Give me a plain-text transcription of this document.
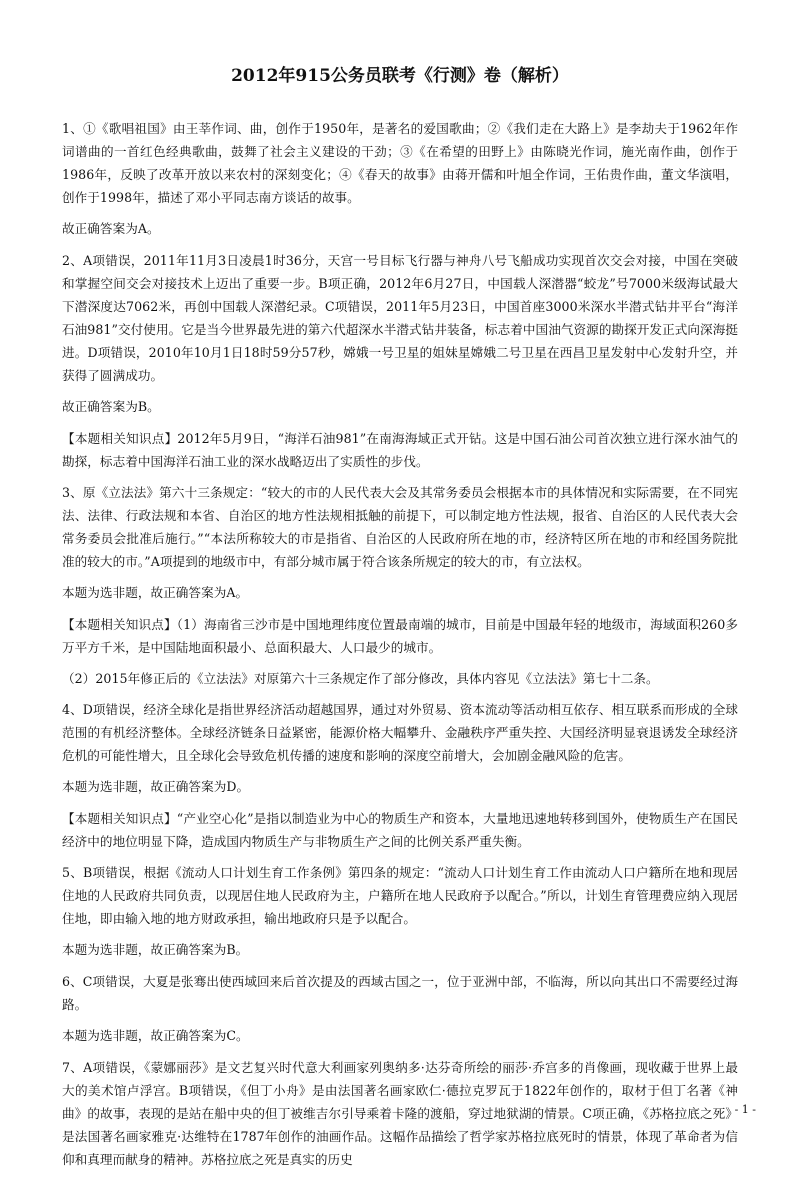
2012年915公务员联考《行测》卷（解析）

1、①《歌唱祖国》由王莘作词、曲，创作于1950年，是著名的爱国歌曲；②《我们走在大路上》是李劫夫于1962年作词谱曲的一首红色经典歌曲，鼓舞了社会主义建设的干劲；③《在希望的田野上》由陈晓光作词，施光南作曲，创作于1986年，反映了改革开放以来农村的深刻变化；④《春天的故事》由蒋开儒和叶旭全作词，王佑贵作曲，董文华演唱，创作于1998年，描述了邓小平同志南方谈话的故事。

故正确答案为A。

2、A项错误，2011年11月3日凌晨1时36分，天宫一号目标飞行器与神舟八号飞船成功实现首次交会对接，中国在突破和掌握空间交会对接技术上迈出了重要一步。B项正确，2012年6月27日，中国载人深潜器“蛟龙”号7000米级海试最大下潜深度达7062米，再创中国载人深潜纪录。C项错误，2011年5月23日，中国首座3000米深水半潜式钻井平台“海洋石油981”交付使用。它是当今世界最先进的第六代超深水半潜式钻井装备，标志着中国油气资源的勘探开发正式向深海挺进。D项错误，2010年10月1日18时59分57秒，嫦娥一号卫星的姐妹星嫦娥二号卫星在西昌卫星发射中心发射升空，并获得了圆满成功。

故正确答案为B。

【本题相关知识点】2012年5月9日，“海洋石油981”在南海海域正式开钻。这是中国石油公司首次独立进行深水油气的勘探，标志着中国海洋石油工业的深水战略迈出了实质性的步伐。

3、原《立法法》第六十三条规定：“较大的市的人民代表大会及其常务委员会根据本市的具体情况和实际需要，在不同宪法、法律、行政法规和本省、自治区的地方性法规相抵触的前提下，可以制定地方性法规，报省、自治区的人民代表大会常务委员会批准后施行。”“本法所称较大的市是指省、自治区的人民政府所在地的市，经济特区所在地的市和经国务院批准的较大的市。”A项提到的地级市中，有部分城市属于符合该条所规定的较大的市，有立法权。

本题为选非题，故正确答案为A。

【本题相关知识点】（1）海南省三沙市是中国地理纬度位置最南端的城市，目前是中国最年轻的地级市，海域面积260多万平方千米，是中国陆地面积最小、总面积最大、人口最少的城市。

（2）2015年修正后的《立法法》对原第六十三条规定作了部分修改，具体内容见《立法法》第七十二条。

4、D项错误，经济全球化是指世界经济活动超越国界，通过对外贸易、资本流动等活动相互依存、相互联系而形成的全球范围的有机经济整体。全球经济链条日益紧密，能源价格大幅攀升、金融秩序严重失控、大国经济明显衰退诱发全球经济危机的可能性增大，且全球化会导致危机传播的速度和影响的深度空前增大，会加剧金融风险的危害。

本题为选非题，故正确答案为D。

【本题相关知识点】“产业空心化”是指以制造业为中心的物质生产和资本，大量地迅速地转移到国外，使物质生产在国民经济中的地位明显下降，造成国内物质生产与非物质生产之间的比例关系严重失衡。

5、B项错误，根据《流动人口计划生育工作条例》第四条的规定：“流动人口计划生育工作由流动人口户籍所在地和现居住地的人民政府共同负责，以现居住地人民政府为主，户籍所在地人民政府予以配合。”所以，计划生育管理费应纳入现居住地，即由输入地的地方财政承担，输出地政府只是予以配合。

本题为选非题，故正确答案为B。

6、C项错误，大夏是张骞出使西域回来后首次提及的西域古国之一，位于亚洲中部，不临海，所以向其出口不需要经过海路。

本题为选非题，故正确答案为C。

7、A项错误，《蒙娜丽莎》是文艺复兴时代意大利画家列奥纳多·达芬奇所绘的丽莎·乔宫多的肖像画，现收藏于世界上最大的美术馆卢浮宫。B项错误，《但丁小舟》是由法国著名画家欧仁·德拉克罗瓦于1822年创作的，取材于但丁名著《神曲》的故事，表现的是站在船中央的但丁被维吉尔引导乘着卡隆的渡船，穿过地狱湖的情景。C项正确，《苏格拉底之死》是法国著名画家雅克·达维特在1787年创作的油画作品。这幅作品描绘了哲学家苏格拉底死时的情景，体现了革命者为信仰和真理而献身的精神。苏格拉底之死是真实的历史

- 1 -
